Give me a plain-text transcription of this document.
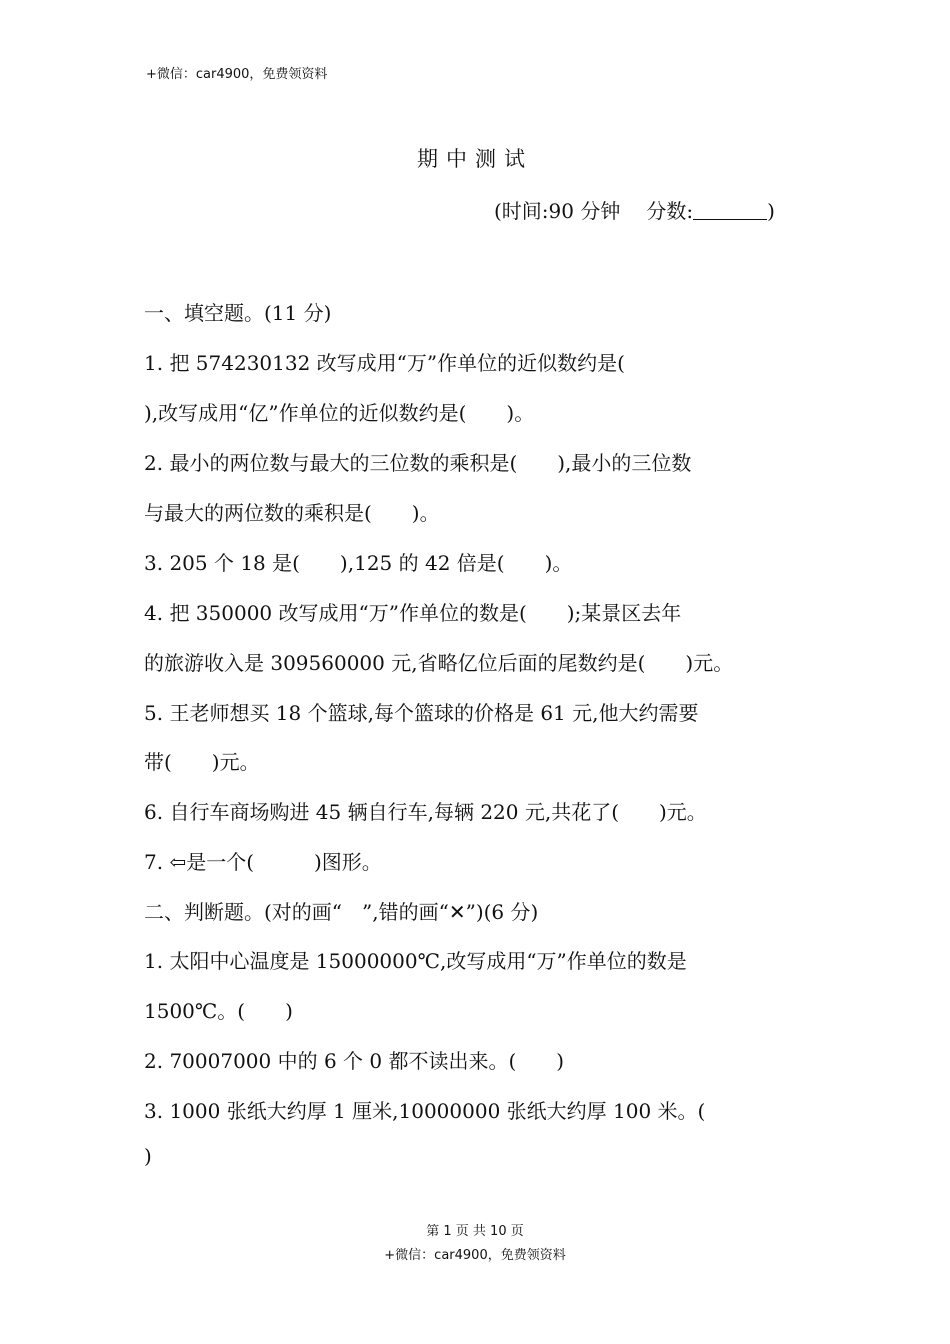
+微信：car4900，免费领资料
期中测试
(时间:90 分钟 分数:	)
一、填空题。(11 分)
1. 把 574230132 改写成用“万”作单位的近似数约是(
),改写成用“亿”作单位的近似数约是(　　)。
2. 最小的两位数与最大的三位数的乘积是(　　),最小的三位数
与最大的两位数的乘积是(　　)。
3. 205 个 18 是(　　),125 的 42 倍是(　　)。
4. 把 350000 改写成用“万”作单位的数是(　　);某景区去年
的旅游收入是 309560000 元,省略亿位后面的尾数约是(　　)元。
5. 王老师想买 18 个篮球,每个篮球的价格是 61 元,他大约需要
带(　　)元。
6. 自行车商场购进 45 辆自行车,每辆 220 元,共花了(　　)元。
7. ⇦是一个(　　　)图形。
二、判断题。(对的画“　”,错的画“✕”)(6 分)
1. 太阳中心温度是 15000000℃,改写成用“万”作单位的数是
1500℃。(　　)
2. 70007000 中的 6 个 0 都不读出来。(　　)
3. 1000 张纸大约厚 1 厘米,10000000 张纸大约厚 100 米。(
)
第 1 页 共 10 页
+微信：car4900，免费领资料
